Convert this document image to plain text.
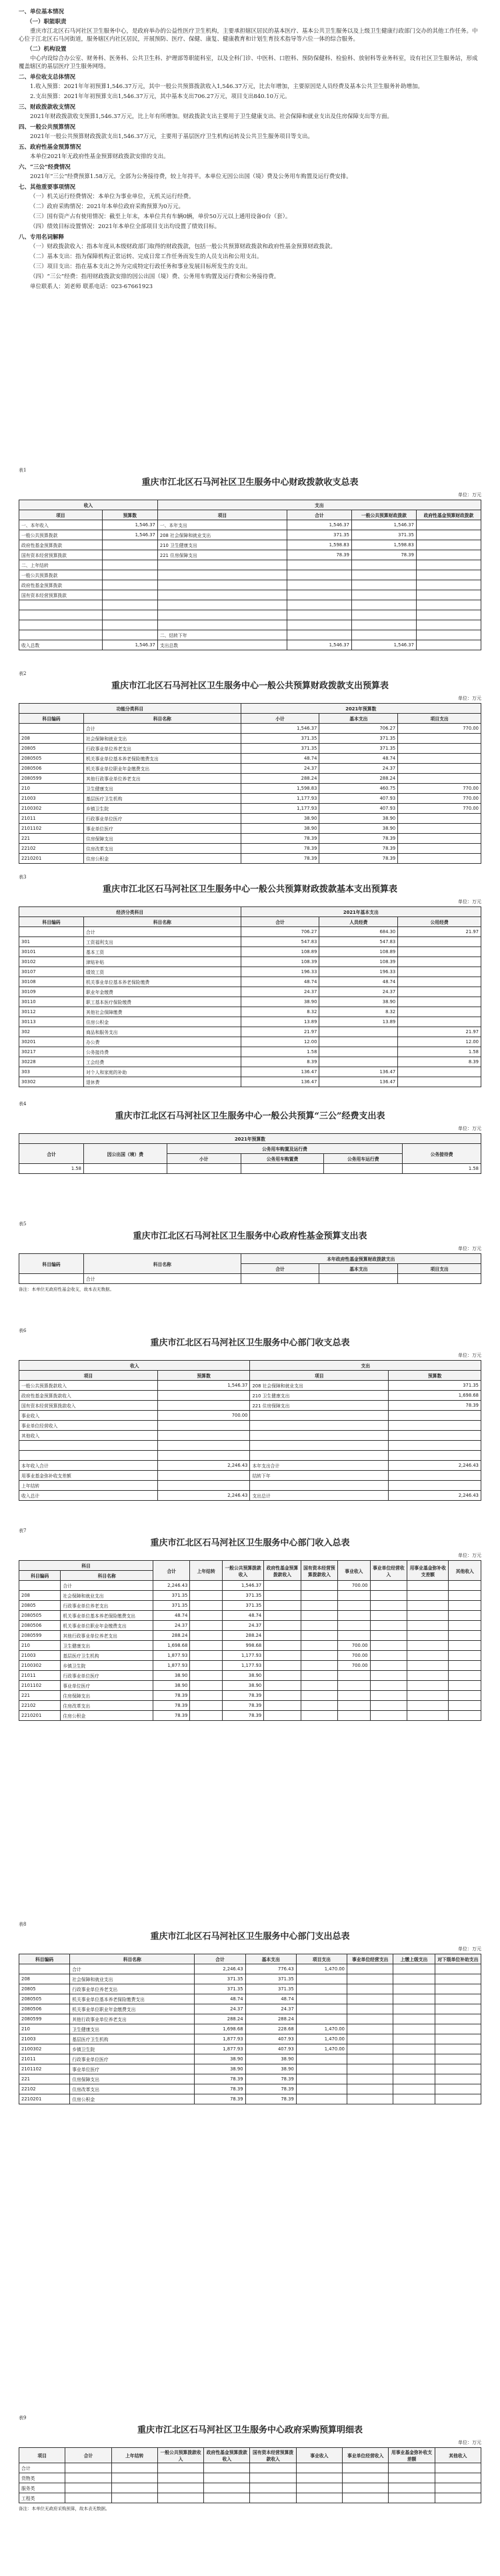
一、单位基本情况
（一）职能职责

重庆市江北区石马河社区卫生服务中心，是政府举办的公益性医疗卫生机构，主要承担辖区居民的基本医疗、基本公共卫生服务以及上级卫生健康行政部门交办的其他工作任务。中心位于江北区石马河街道，服务辖区内社区居民，开展预防、医疗、保健、康复、健康教育和计划生育技术指导等六位一体的综合服务。

（二）机构设置

中心内设综合办公室、财务科、医务科、公共卫生科、护理部等职能科室，以及全科门诊、中医科、口腔科、预防保健科、检验科、放射科等业务科室，设有社区卫生服务站，形成覆盖辖区的基层医疗卫生服务网络。

二、单位收支总体情况

1.收入预算：2021年年初预算1,546.37万元，其中一般公共预算拨款收入1,546.37万元，比去年增加，主要原因是人员经费及基本公共卫生服务补助增加。

2.支出预算：2021年年初预算支出1,546.37万元，其中基本支出706.27万元，项目支出840.10万元。

三、财政拨款收支情况

2021年财政拨款收支预算1,546.37万元，比上年有所增加。财政拨款支出主要用于卫生健康支出、社会保障和就业支出及住房保障支出等方面。

四、一般公共预算情况

2021年一般公共预算财政拨款支出1,546.37万元，主要用于基层医疗卫生机构运转及公共卫生服务项目等支出。

五、政府性基金预算情况

本单位2021年无政府性基金预算财政拨款安排的支出。

六、“三公”经费情况

2021年“三公”经费预算1.58万元，全部为公务接待费，较上年持平。本单位无因公出国（境）费及公务用车购置及运行费安排。

七、其他重要事项情况

（一）机关运行经费情况：本单位为事业单位，无机关运行经费。

（二）政府采购情况：2021年本单位政府采购预算为0万元。

（三）国有资产占有使用情况：截至上年末，本单位共有车辆0辆，单价50万元以上通用设备0台（套）。

（四）绩效目标设置情况：2021年本单位全部项目支出均设置了绩效目标。

八、专用名词解释

（一）财政拨款收入：指本年度从本级财政部门取得的财政拨款，包括一般公共预算财政拨款和政府性基金预算财政拨款。

（二）基本支出：指为保障机构正常运转、完成日常工作任务而发生的人员支出和公用支出。

（三）项目支出：指在基本支出之外为完成特定行政任务和事业发展目标所发生的支出。

（四）“三公”经费：指用财政拨款安排的因公出国（境）费、公务用车购置及运行费和公务接待费。

单位联系人：刘老师 联系电话：023-67661923

表1
重庆市江北区石马河社区卫生服务中心财政拨款收支总表
单位：万元
收入		支出			
项目	预算数	项目	合计	一般公共预算财政拨款	政府性基金预算财政拨款
一、本年收入	1,546.37	一、本年支出	1,546.37	1,546.37	
一般公共预算拨款	1,546.37	208 社会保障和就业支出	371.35	371.35	
政府性基金预算拨款		210 卫生健康支出	1,598.83	1,598.83	
国有资本经营预算拨款		221 住房保障支出	78.39	78.39	
二、上年结转					
一般公共预算拨款					
政府性基金预算拨款					
国有资本经营预算拨款					

		二、结转下年			
收入总数	1,546.37	支出总数	1,546.37	1,546.37	
表2
重庆市江北区石马河社区卫生服务中心一般公共预算财政拨款支出预算表
单位：万元
功能分类科目		2021年预算数		
科目编码	科目名称	小计	基本支出	项目支出
	合计	1,546.37	706.27	770.00
208	社会保障和就业支出	371.35	371.35	
20805	行政事业单位养老支出	371.35	371.35	
2080505	机关事业单位基本养老保险缴费支出	48.74	48.74	
2080506	机关事业单位职业年金缴费支出	24.37	24.37	
2080599	其他行政事业单位养老支出	288.24	288.24	
210	卫生健康支出	1,598.83	460.75	770.00
21003	基层医疗卫生机构	1,177.93	407.93	770.00
2100302	乡镇卫生院	1,177.93	407.93	770.00
21011	行政事业单位医疗	38.90	38.90	
2101102	事业单位医疗	38.90	38.90	
221	住房保障支出	78.39	78.39	
22102	住房改革支出	78.39	78.39	
2210201	住房公积金	78.39	78.39	
表3
重庆市江北区石马河社区卫生服务中心一般公共预算财政拨款基本支出预算表
单位：万元
经济分类科目		2021年基本支出		
科目编码	科目名称	合计	人员经费	公用经费
	合计	706.27	684.30	21.97
301	工资福利支出	547.83	547.83	
30101	基本工资	108.89	108.89	
30102	津贴补贴	108.39	108.39	
30107	绩效工资	196.33	196.33	
30108	机关事业单位基本养老保险缴费	48.74	48.74	
30109	职业年金缴费	24.37	24.37	
30110	职工基本医疗保险缴费	38.90	38.90	
30112	其他社会保障缴费	8.32	8.32	
30113	住房公积金	13.89	13.89	
302	商品和服务支出	21.97		21.97
30201	办公费	12.00		12.00
30217	公务接待费	1.58		1.58
30228	工会经费	8.39		8.39
303	对个人和家庭的补助	136.47	136.47	
30302	退休费	136.47	136.47	
表4
重庆市江北区石马河社区卫生服务中心一般公共预算“三公”经费支出表
单位：万元
2021年预算数					
合计	因公出国（境）费	公务用车购置及运行费			公务接待费
		小计	公务用车购置费	公务用车运行费	
1.58					1.58
表5
重庆市江北区石马河社区卫生服务中心政府性基金预算支出表
单位：万元
科目编码	科目名称	本年政府性基金预算财政拨款支出		
		合计	基本支出	项目支出
	合计			
备注：本单位无政府性基金收支，故本表无数据。
表6
重庆市江北区石马河社区卫生服务中心部门收支总表
单位：万元
收入		支出	
项目	预算数	项目	预算数
一般公共预算拨款收入	1,546.37	208 社会保障和就业支出	371.35
政府性基金预算拨款收入		210 卫生健康支出	1,698.68
国有资本经营预算拨款收入		221 住房保障支出	78.39
事业收入	700.00		
事业单位经营收入			
其他收入			

本年收入合计	2,246.43	本年支出合计	2,246.43
用事业基金弥补收支差额		结转下年	
上年结转			
收入总计	2,246.43	支出总计	2,246.43
表7
重庆市江北区石马河社区卫生服务中心部门收入总表
单位：万元
科目		合计	上年结转	一般公共预算拨款收入	政府性基金预算拨款收入	国有资本经营预算拨款收入	事业收入	事业单位经营收入	用事业基金弥补收支差额	其他收入
科目编码	科目名称									
	合计	2,246.43		1,546.37			700.00			
208	社会保障和就业支出	371.35		371.35						
20805	行政事业单位养老支出	371.35		371.35						
2080505	机关事业单位基本养老保险缴费支出	48.74		48.74						
2080506	机关事业单位职业年金缴费支出	24.37		24.37						
2080599	其他行政事业单位养老支出	288.24		288.24						
210	卫生健康支出	1,698.68		998.68			700.00			
21003	基层医疗卫生机构	1,877.93		1,177.93			700.00			
2100302	乡镇卫生院	1,877.93		1,177.93			700.00			
21011	行政事业单位医疗	38.90		38.90						
2101102	事业单位医疗	38.90		38.90						
221	住房保障支出	78.39		78.39						
22102	住房改革支出	78.39		78.39						
2210201	住房公积金	78.39		78.39						
表8
重庆市江北区石马河社区卫生服务中心部门支出总表
单位：万元
科目编码	科目名称	合计	基本支出	项目支出	事业单位经营支出	上缴上级支出	对下级单位补助支出
	合计	2,246.43	776.43	1,470.00			
208	社会保障和就业支出	371.35	371.35				
20805	行政事业单位养老支出	371.35	371.35				
2080505	机关事业单位基本养老保险缴费支出	48.74	48.74				
2080506	机关事业单位职业年金缴费支出	24.37	24.37				
2080599	其他行政事业单位养老支出	288.24	288.24				
210	卫生健康支出	1,698.68	228.68	1,470.00			
21003	基层医疗卫生机构	1,877.93	407.93	1,470.00			
2100302	乡镇卫生院	1,877.93	407.93	1,470.00			
21011	行政事业单位医疗	38.90	38.90				
2101102	事业单位医疗	38.90	38.90				
221	住房保障支出	78.39	78.39				
22102	住房改革支出	78.39	78.39				
2210201	住房公积金	78.39	78.39				
表9
重庆市江北区石马河社区卫生服务中心政府采购预算明细表
单位：万元
项目	合计	上年结转	一般公共预算拨款收入	政府性基金预算拨款收入	国有资本经营预算拨款收入	事业收入	事业单位经营收入	用事业基金弥补收支差额	其他收入
合计									
货物类									
服务类									
工程类									
备注：本单位无政府采购预算，故本表无数据。
